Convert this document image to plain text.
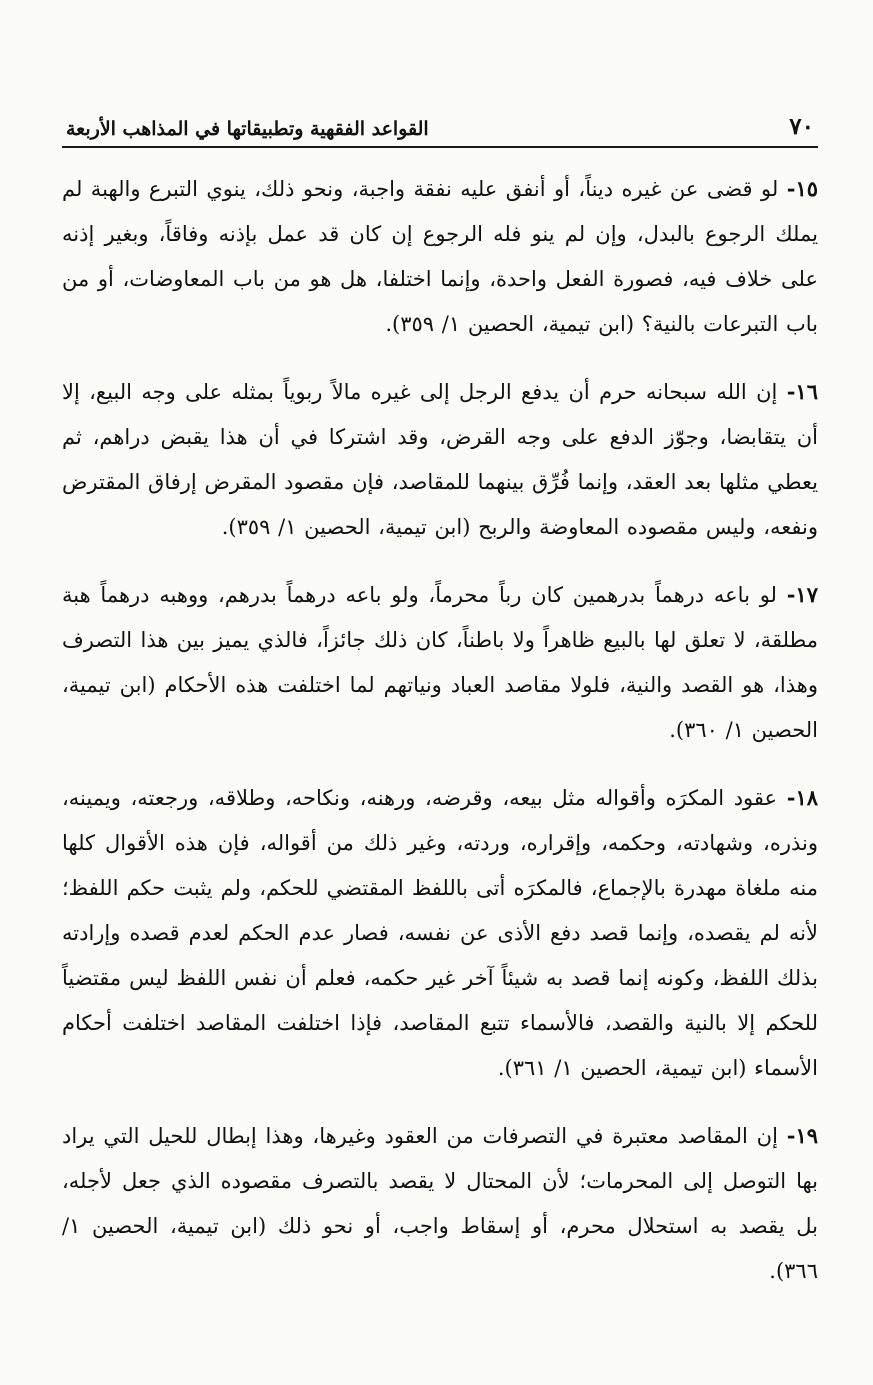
٧٠
القواعد الفقهية وتطبيقاتها في المذاهب الأربعة

١٥- لو قضى عن غيره ديناً، أو أنفق عليه نفقة واجبة، ونحو ذلك، ينوي التبرع والهبة لم يملك الرجوع بالبدل، وإن لم ينو فله الرجوع إن كان قد عمل بإذنه وفاقاً، وبغير إذنه على خلاف فيه، فصورة الفعل واحدة، وإنما اختلفا، هل هو من باب المعاوضات، أو من باب التبرعات بالنية؟ (ابن تيمية، الحصين ١/ ٣٥٩).

١٦- إن الله سبحانه حرم أن يدفع الرجل إلى غيره مالاً ربوياً بمثله على وجه البيع، إلا أن يتقابضا، وجوّز الدفع على وجه القرض، وقد اشتركا في أن هذا يقبض دراهم، ثم يعطي مثلها بعد العقد، وإنما فُرِّق بينهما للمقاصد، فإن مقصود المقرض إرفاق المقترض ونفعه، وليس مقصوده المعاوضة والربح (ابن تيمية، الحصين ١/ ٣٥٩).

١٧- لو باعه درهماً بدرهمين كان رباً محرماً، ولو باعه درهماً بدرهم، ووهبه درهماً هبة مطلقة، لا تعلق لها بالبيع ظاهراً ولا باطناً، كان ذلك جائزاً، فالذي يميز بين هذا التصرف وهذا، هو القصد والنية، فلولا مقاصد العباد ونياتهم لما اختلفت هذه الأحكام (ابن تيمية، الحصين ١/ ٣٦٠).

١٨- عقود المكرَه وأقواله مثل بيعه، وقرضه، ورهنه، ونكاحه، وطلاقه، ورجعته، ويمينه، ونذره، وشهادته، وحكمه، وإقراره، وردته، وغير ذلك من أقواله، فإن هذه الأقوال كلها منه ملغاة مهدرة بالإجماع، فالمكرَه أتى باللفظ المقتضي للحكم، ولم يثبت حكم اللفظ؛ لأنه لم يقصده، وإنما قصد دفع الأذى عن نفسه، فصار عدم الحكم لعدم قصده وإرادته بذلك اللفظ، وكونه إنما قصد به شيئاً آخر غير حكمه، فعلم أن نفس اللفظ ليس مقتضياً للحكم إلا بالنية والقصد، فالأسماء تتبع المقاصد، فإذا اختلفت المقاصد اختلفت أحكام الأسماء (ابن تيمية، الحصين ١/ ٣٦١).

١٩- إن المقاصد معتبرة في التصرفات من العقود وغيرها، وهذا إبطال للحيل التي يراد بها التوصل إلى المحرمات؛ لأن المحتال لا يقصد بالتصرف مقصوده الذي جعل لأجله، بل يقصد به استحلال محرم، أو إسقاط واجب، أو نحو ذلك (ابن تيمية، الحصين ١/ ٣٦٦).
